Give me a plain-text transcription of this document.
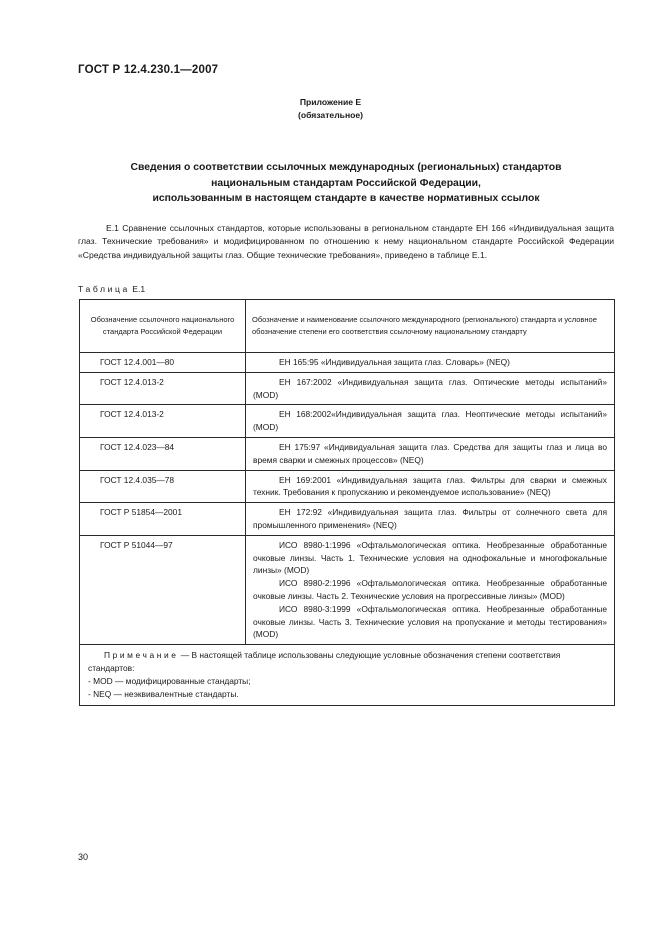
ГОСТ Р 12.4.230.1—2007
Приложение Е
(обязательное)
Сведения о соответствии ссылочных международных (региональных) стандартов
национальным стандартам Российской Федерации,
использованным в настоящем стандарте в качестве нормативных ссылок
Е.1 Сравнение ссылочных стандартов, которые использованы в региональном стандарте ЕН 166 «Индивидуальная защита глаз. Технические требования» и модифицированном по отношению к нему национальном стандарте Российской Федерации «Средства индивидуальной защиты глаз. Общие технические требования», приведено в таблице Е.1.
Таблица Е.1
Обозначение ссылочного национального стандарта Российской Федерации	Обозначение и наименование ссылочного международного (регионального) стандарта и условное обозначение степени его соответствия ссылочному национальному стандарту
ГОСТ 12.4.001—80	ЕН 165:95 «Индивидуальная защита глаз. Словарь» (NEQ)

ГОСТ 12.4.013-2	ЕН 167:2002 «Индивидуальная защита глаз. Оптические методы испытаний» (MOD)

ГОСТ 12.4.013-2	ЕН 168:2002«Индивидуальная защита глаз. Неоптические методы испытаний» (MOD)

ГОСТ 12.4.023—84	ЕН 175:97 «Индивидуальная защита глаз. Средства для защиты глаз и лица во время сварки и смежных процессов» (NEQ)

ГОСТ 12.4.035—78	ЕН 169:2001 «Индивидуальная защита глаз. Фильтры для сварки и смежных техник. Требования к пропусканию и рекомендуемое использование» (NEQ)

ГОСТ Р 51854—2001	ЕН 172:92 «Индивидуальная защита глаз. Фильтры от солнечного света для промышленного применения» (NEQ)

ГОСТ Р 51044—97	ИСО 8980-1:1996 «Офтальмологическая оптика. Необрезанные обработанные очковые линзы. Часть 1. Технические условия на однофокальные и многофокальные линзы» (MOD)
ИСО 8980-2:1996 «Офтальмологическая оптика. Необрезанные обработанные очковые линзы. Часть 2. Технические условия на прогрессивные линзы» (MOD)
ИСО 8980-3:1999 «Офтальмологическая оптика. Необрезанные обработанные очковые линзы. Часть 3. Технические условия на пропускание и методы тестирования» (MOD)

Примечание — В настоящей таблице использованы следующие условные обозначения степени соответствия стандартов:
- MOD — модифицированные стандарты;
- NEQ — неэквивалентные стандарты.	
30
